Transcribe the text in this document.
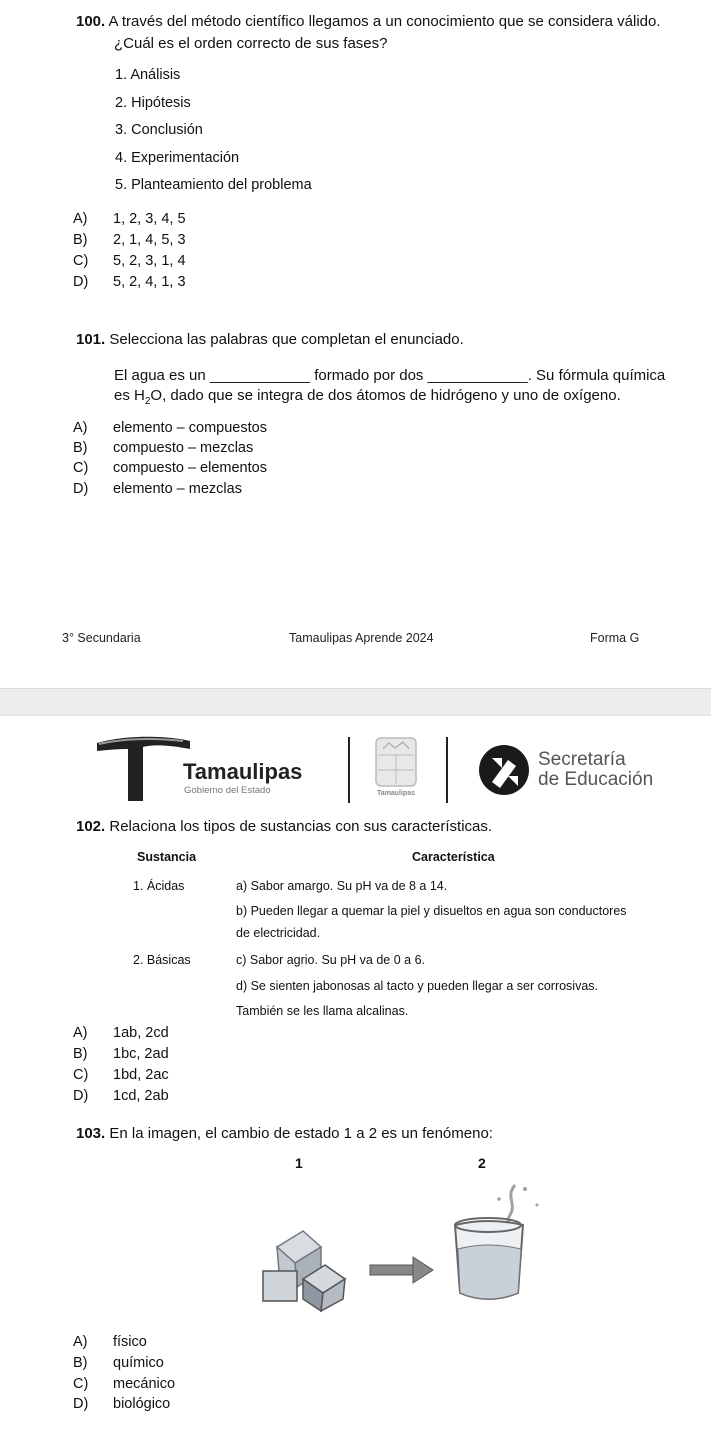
100. A través del método científico llegamos a un conocimiento que se considera válido.
¿Cuál es el orden correcto de sus fases?
1. Análisis
2. Hipótesis
3. Conclusión
4. Experimentación
5. Planteamiento del problema
A) 1, 2, 3, 4, 5
B) 2, 1, 4, 5, 3
C) 5, 2, 3, 1, 4
D) 5, 2, 4, 1, 3
101. Selecciona las palabras que completan el enunciado.
El agua es un ____________ formado por dos ____________. Su fórmula química
es $H_2O$, dado que se integra de dos átomos de hidrógeno y uno de oxígeno.
A) elemento – compuestos
B) compuesto – mezclas
C) compuesto – elementos
D) elemento – mezclas
3° Secundaria	Tamaulipas Aprende 2024	Forma G
Tamaulipas
Gobierno del Estado	Tamaulipas
Secretaría
de Educación
102. Relaciona los tipos de sustancias con sus características.
Sustancia	Característica
1. Ácidas	a) Sabor amargo. Su pH va de 8 a 14.
b) Pueden llegar a quemar la piel y disueltos en agua son conductores
de electricidad.
2. Básicas	c) Sabor agrio. Su pH va de 0 a 6.
d) Se sienten jabonosas al tacto y pueden llegar a ser corrosivas.
También se les llama alcalinas.
A) 1ab, 2cd
B) 1bc, 2ad
C) 1bd, 2ac
D) 1cd, 2ab
103. En la imagen, el cambio de estado 1 a 2 es un fenómeno:
1	2
A) físico
B) químico
C) mecánico
D) biológico
